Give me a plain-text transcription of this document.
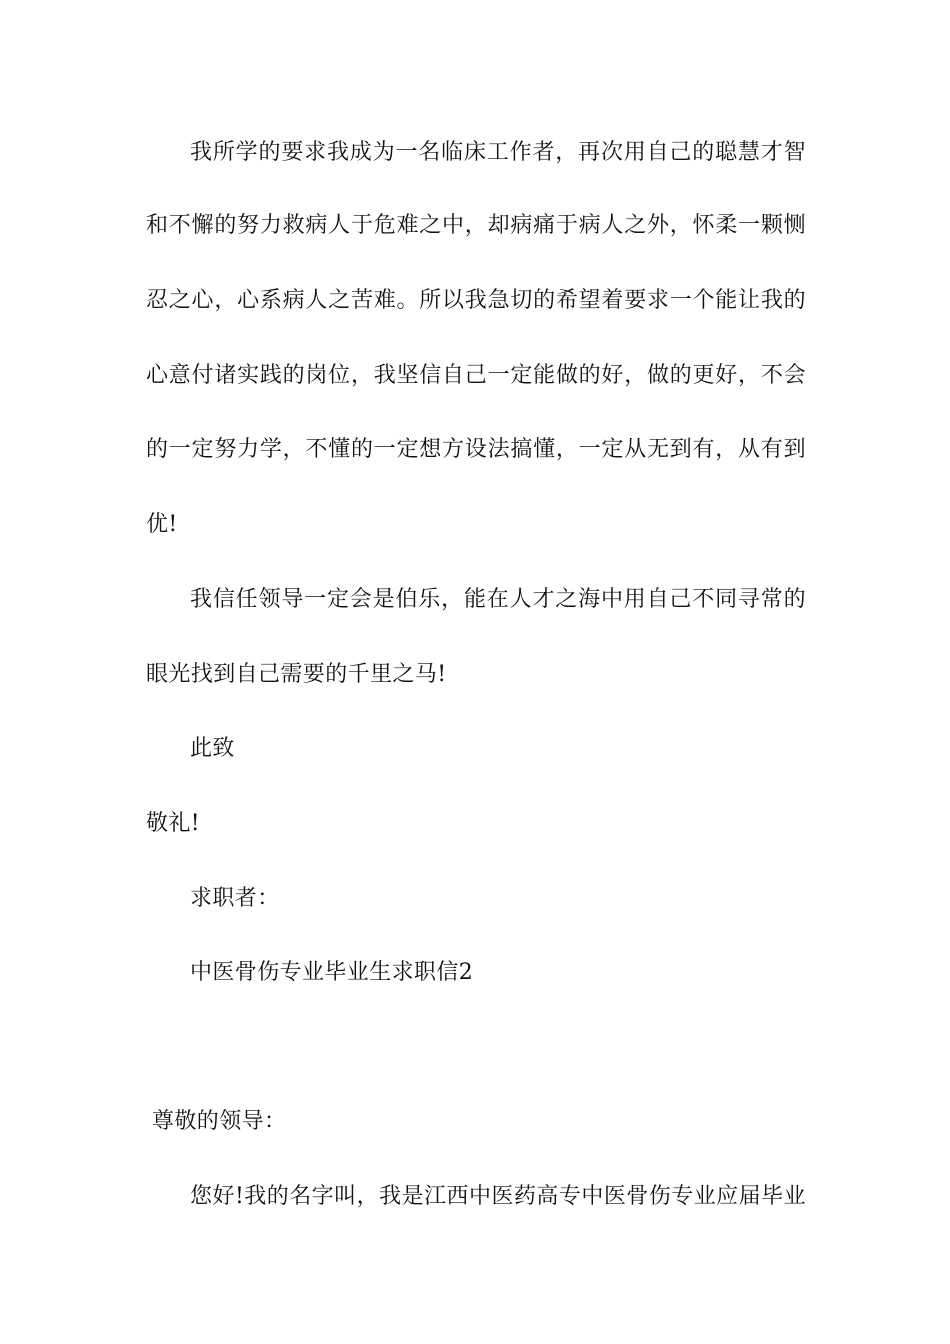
我所学的要求我成为一名临床工作者，再次用自己的聪慧才智
和不懈的努力救病人于危难之中，却病痛于病人之外，怀柔一颗恻
忍之心，心系病人之苦难。所以我急切的希望着要求一个能让我的
心意付诸实践的岗位，我坚信自己一定能做的好，做的更好，不会
的一定努力学，不懂的一定想方设法搞懂，一定从无到有，从有到
优!
我信任领导一定会是伯乐，能在人才之海中用自己不同寻常的
眼光找到自己需要的千里之马!
此致
敬礼!
求职者：
中医骨伤专业毕业生求职信2
尊敬的领导：
您好!我的名字叫，我是江西中医药高专中医骨伤专业应届毕业
